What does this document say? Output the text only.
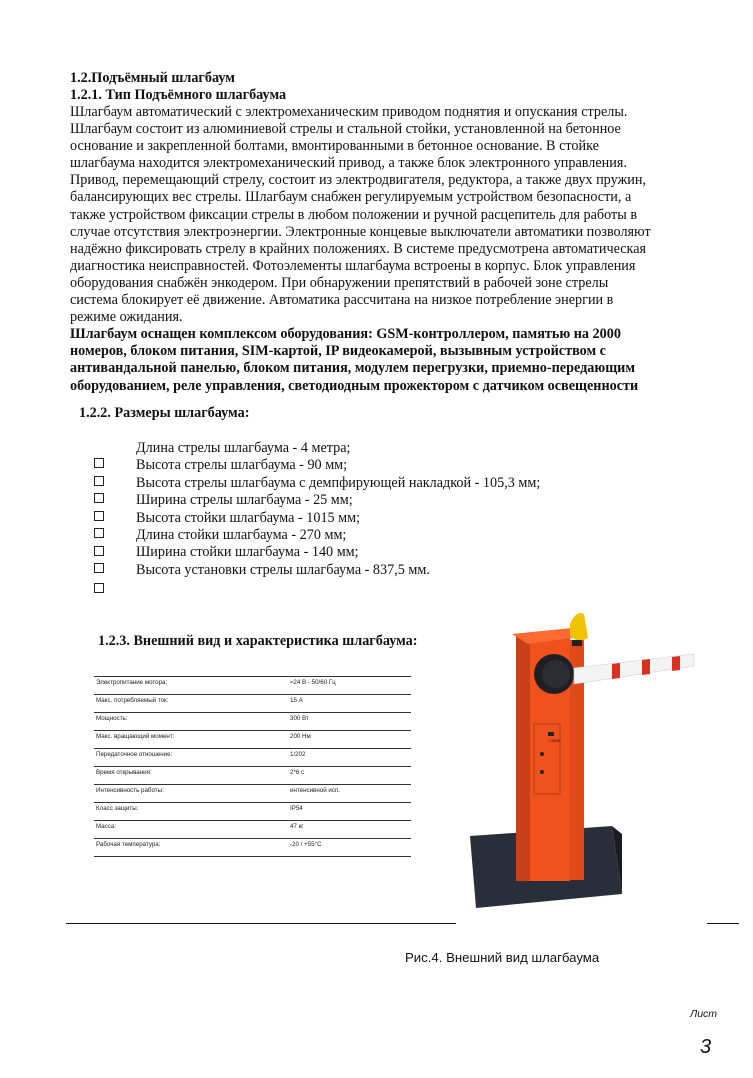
1.2.Подъёмный шлагбаум
1.2.1. Тип Подъёмного шлагбаума

Шлагбаум автоматический с электромеханическим приводом поднятия и опускания стрелы.

Шлагбаум состоит из алюминиевой стрелы и стальной стойки, установленной на бетонное

основание и закрепленной болтами, вмонтированными в бетонное основание. В стойке

шлагбаума находится электромеханический привод, а также блок электронного управления.

Привод, перемещающий стрелу, состоит из электродвигателя, редуктора, а также двух пружин,

балансирующих вес стрелы. Шлагбаум снабжен регулируемым устройством безопасности, а

также устройством фиксации стрелы в любом положении и ручной расцепитель для работы в

случае отсутствия электроэнергии. Электронные концевые выключатели автоматики позволяют

надёжно фиксировать стрелу в крайних положениях. В системе предусмотрена автоматическая

диагностика неисправностей. Фотоэлементы шлагбаума встроены в корпус. Блок управления

оборудования снабжён энкодером. При обнаружении препятствий в рабочей зоне стрелы

система блокирует её движение. Автоматика рассчитана на низкое потребление энергии в

режиме ожидания.

Шлагбаум оснащен комплексом оборудования: GSM-контроллером, памятью на 2000

номеров, блоком питания, SIM-картой, IP видеокамерой, вызывным устройством с

антивандальной панелью, блоком питания, модулем перегрузки, приемно-передающим

оборудованием, реле управления, светодиодным прожектором с датчиком освещенности

1.2.2. Размеры шлагбаума:
Длина стрелы шлагбаума - 4 метра;
Высота стрелы шлагбаума - 90 мм;
Высота стрелы шлагбаума с демпфирующей накладкой - 105,3 мм;
Ширина стрелы шлагбаума - 25 мм;
Высота стойки шлагбаума - 1015 мм;
Длина стойки шлагбаума - 270 мм;
Ширина стойки шлагбаума - 140 мм;
Высота установки стрелы шлагбаума - 837,5 мм.
1.2.3. Внешний вид и характеристика шлагбаума:
Электропитание мотора:	≈24 В - 50/60 Гц
Макс. потребляемый ток:	15 А
Мощность:	300 Вт
Макс. вращающий момент:	200 Нм
Передаточное отношение:	1/202
Время открывания:	2*6 с
Интенсивность работы:	интенсивной исп.
Класс защиты:	IP54
Масса:	47 кг
Рабочая температура:	-20 / +55°С
CAME
Рис.4. Внешний вид шлагбаума
Лист
3
